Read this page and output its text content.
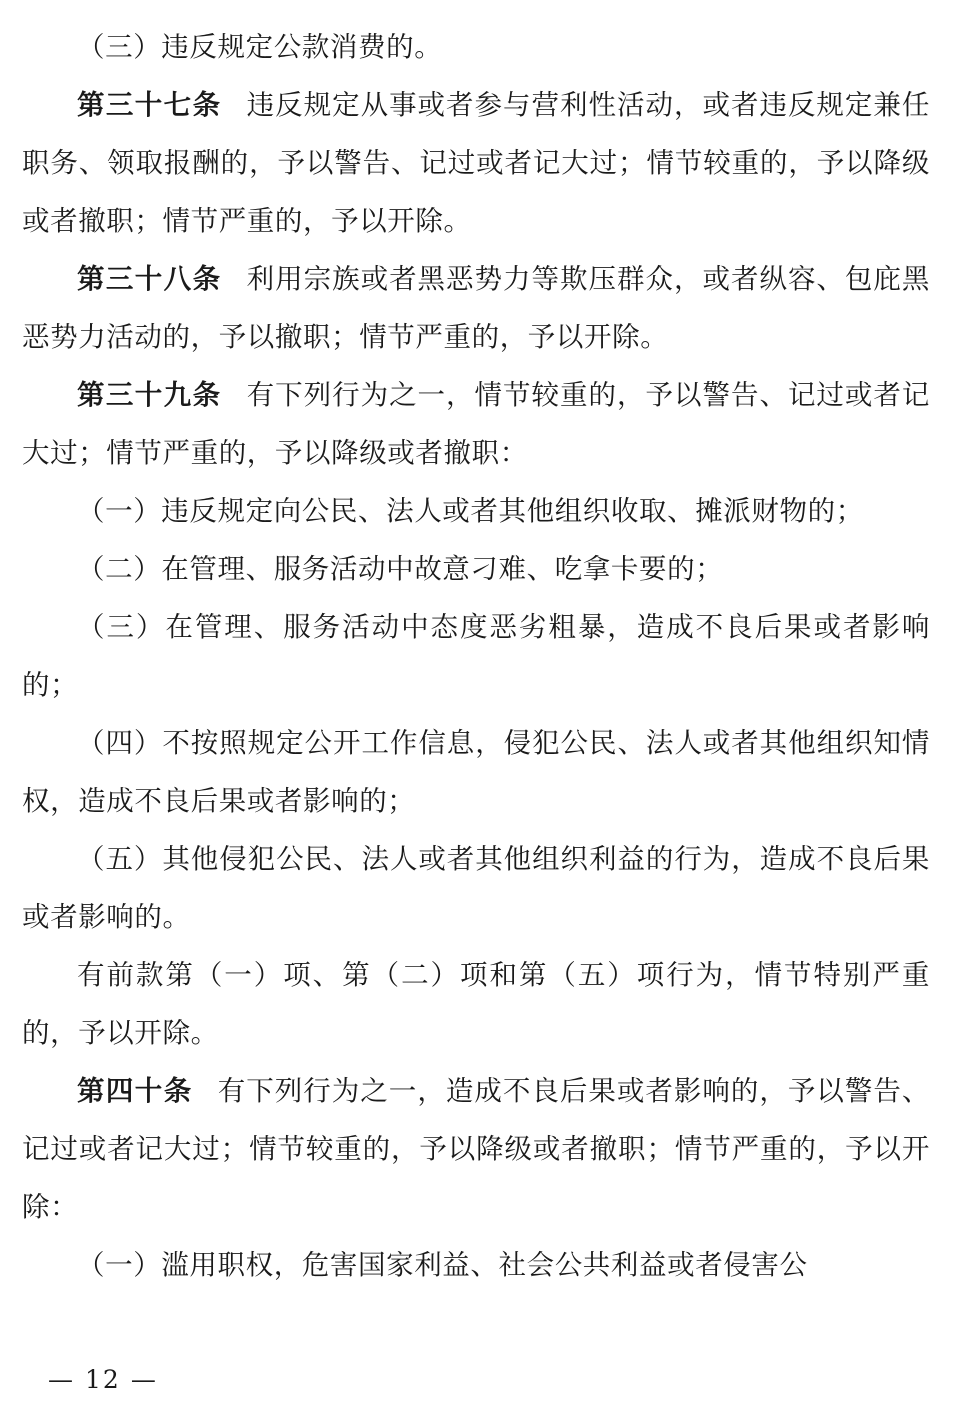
（三）违反规定公款消费的。

第三十七条 违反规定从事或者参与营利性活动，或者违反规定兼任职务、领取报酬的，予以警告、记过或者记大过；情节较重的，予以降级或者撤职；情节严重的，予以开除。

第三十八条 利用宗族或者黑恶势力等欺压群众，或者纵容、包庇黑恶势力活动的，予以撤职；情节严重的，予以开除。

第三十九条 有下列行为之一，情节较重的，予以警告、记过或者记大过；情节严重的，予以降级或者撤职：

（一）违反规定向公民、法人或者其他组织收取、摊派财物的；

（二）在管理、服务活动中故意刁难、吃拿卡要的；

（三）在管理、服务活动中态度恶劣粗暴，造成不良后果或者影响的；

（四）不按照规定公开工作信息，侵犯公民、法人或者其他组织知情权，造成不良后果或者影响的；

（五）其他侵犯公民、法人或者其他组织利益的行为，造成不良后果或者影响的。

有前款第（一）项、第（二）项和第（五）项行为，情节特别严重的，予以开除。

第四十条 有下列行为之一，造成不良后果或者影响的，予以警告、记过或者记大过；情节较重的，予以降级或者撤职；情节严重的，予以开除：

（一）滥用职权，危害国家利益、社会公共利益或者侵害公

— 12 —
